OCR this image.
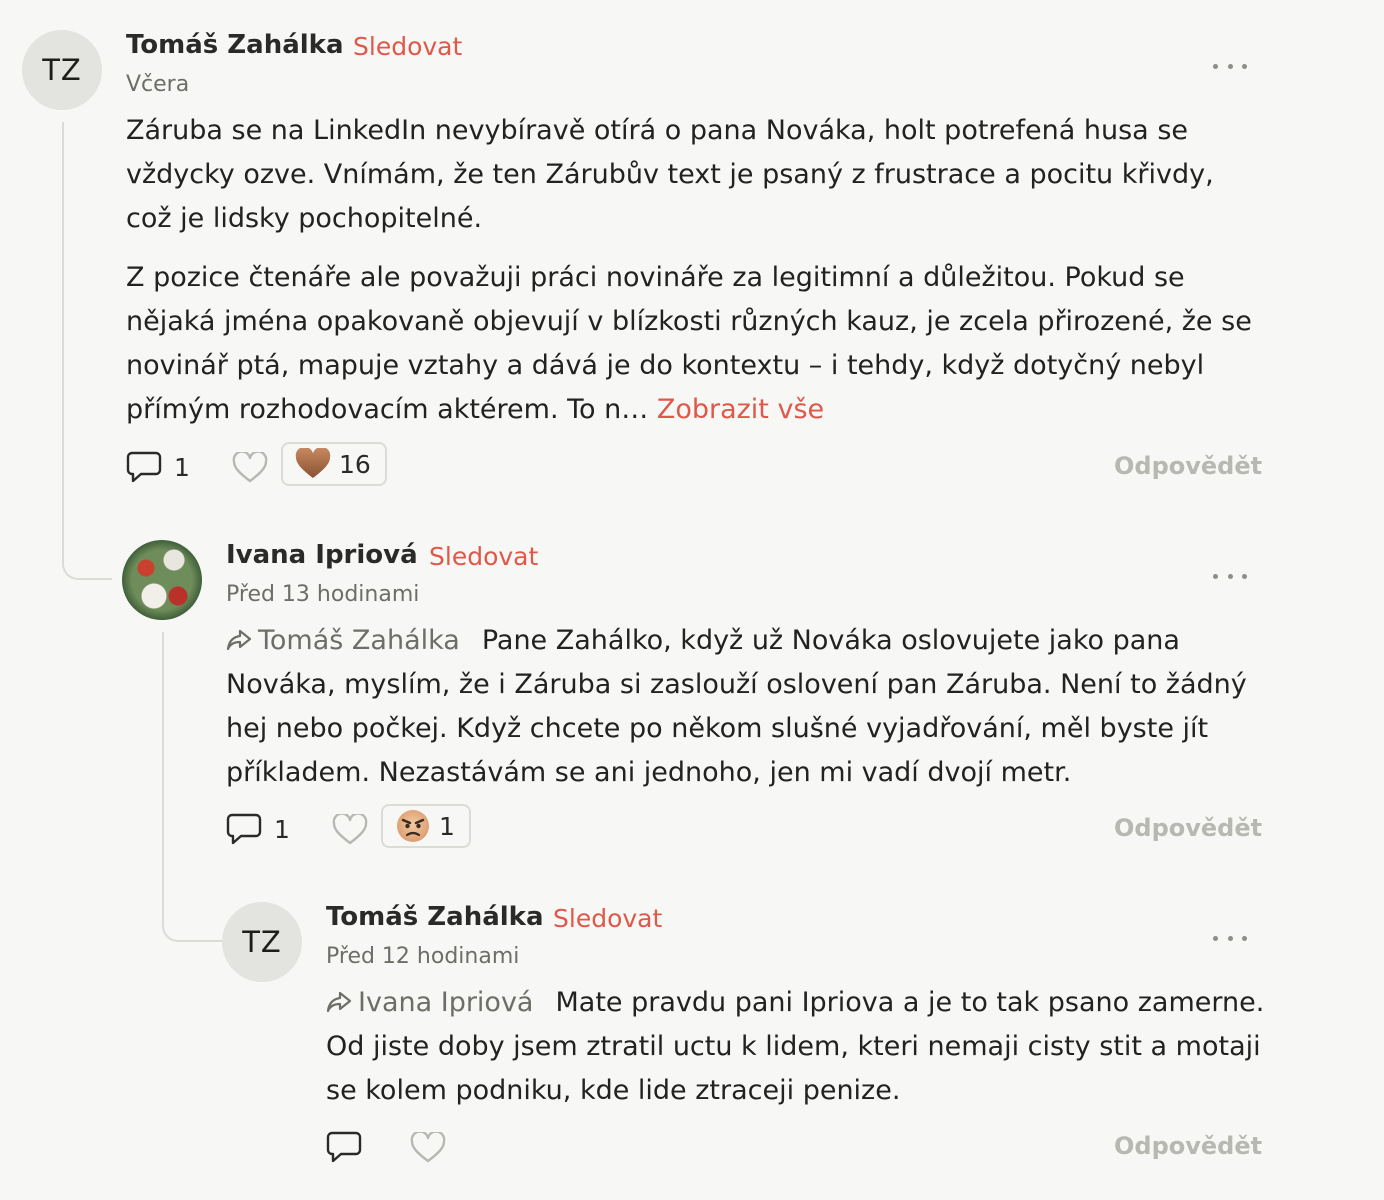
TZ
Tomáš Zahálka Sledovat
Včera

Záruba se na LinkedIn nevybíravě otírá o pana Nováka, holt potrefená husa se vždycky ozve. Vnímám, že ten Zárubův text je psaný z frustrace a pocitu křivdy, což je lidsky pochopitelné.

Z pozice čtenáře ale považuji práci novináře za legitimní a důležitou. Pokud se nějaká jména opakovaně objevují v blízkosti různých kauz, je zcela přirozené, že se novinář ptá, mapuje vztahy a dává je do kontextu – i tehdy, když dotyčný nebyl přímým rozhodovacím aktérem. To n… Zobrazit vše

1	16	Odpovědět
Ivana Ipriová Sledovat
Před 13 hodinami
Tomáš Zahálka Pane Zahálko, když už Nováka oslovujete jako pana Nováka, myslím, že i Záruba si zaslouží oslovení pan Záruba. Není to žádný hej nebo počkej. Když chcete po někom slušné vyjadřování, měl byste jít příkladem. Nezastávám se ani jednoho, jen mi vadí dvojí metr.
1	1	Odpovědět
TZ
Tomáš Zahálka Sledovat
Před 12 hodinami
Ivana Ipriová Mate pravdu pani Ipriova a je to tak psano zamerne. Od jiste doby jsem ztratil uctu k lidem, kteri nemaji cisty stit a motaji se kolem podniku, kde lide ztraceji penize.
Odpovědět
